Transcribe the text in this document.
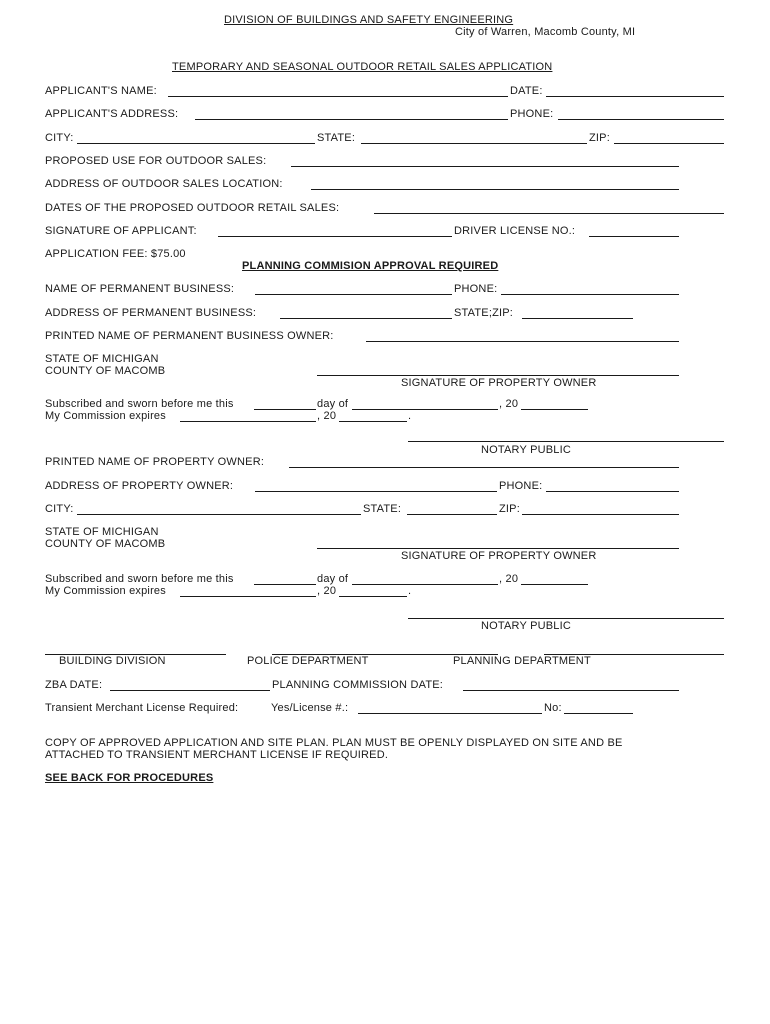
DIVISION OF BUILDINGS AND SAFETY ENGINEERING
City of Warren, Macomb County, MI
TEMPORARY AND SEASONAL OUTDOOR RETAIL SALES APPLICATION
APPLICANT'S NAME:	DATE:
APPLICANT'S ADDRESS:	PHONE:
CITY:	STATE:	ZIP:
PROPOSED USE FOR OUTDOOR SALES:
ADDRESS OF OUTDOOR SALES LOCATION:
DATES OF THE PROPOSED OUTDOOR RETAIL SALES:
SIGNATURE OF APPLICANT:	DRIVER LICENSE NO.:
APPLICATION FEE: $75.00
PLANNING COMMISION APPROVAL REQUIRED
NAME OF PERMANENT BUSINESS:	PHONE:
ADDRESS OF PERMANENT BUSINESS:	STATE;ZIP:
PRINTED NAME OF PERMANENT BUSINESS OWNER:
STATE OF MICHIGAN
COUNTY OF MACOMB
SIGNATURE OF PROPERTY OWNER
Subscribed and sworn before me this	day of	, 20
My Commission expires	, 20	.
NOTARY PUBLIC
PRINTED NAME OF PROPERTY OWNER:
ADDRESS OF PROPERTY OWNER:	PHONE:
CITY:	STATE:	ZIP:
STATE OF MICHIGAN
COUNTY OF MACOMB
SIGNATURE OF PROPERTY OWNER
Subscribed and sworn before me this	day of	, 20
My Commission expires	, 20	.
NOTARY PUBLIC
BUILDING DIVISION	POLICE DEPARTMENT	PLANNING DEPARTMENT
ZBA DATE:	PLANNING COMMISSION DATE:
Transient Merchant License Required:	Yes/License #.:	No:
COPY OF APPROVED APPLICATION AND SITE PLAN. PLAN MUST BE OPENLY DISPLAYED ON SITE AND BE
ATTACHED TO TRANSIENT MERCHANT LICENSE IF REQUIRED.
SEE BACK FOR PROCEDURES
